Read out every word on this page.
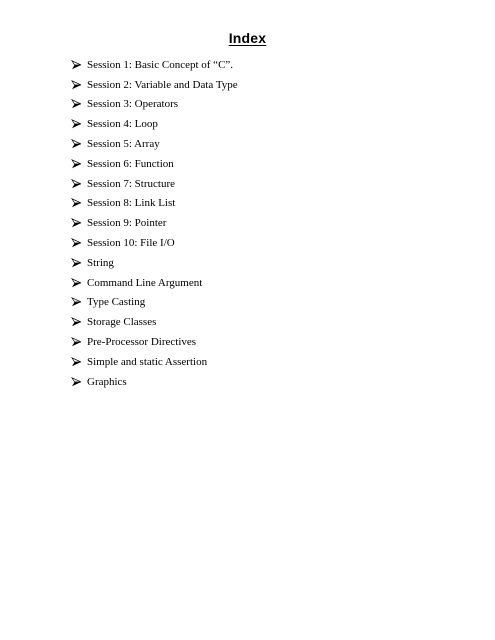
Index
Session 1: Basic Concept of “C”.
Session 2: Variable and Data Type
Session 3: Operators
Session 4: Loop
Session 5: Array
Session 6: Function
Session 7: Structure
Session 8: Link List
Session 9: Pointer
Session 10: File I/O
String
Command Line Argument
Type Casting
Storage Classes
Pre-Processor Directives
Simple and static Assertion
Graphics
